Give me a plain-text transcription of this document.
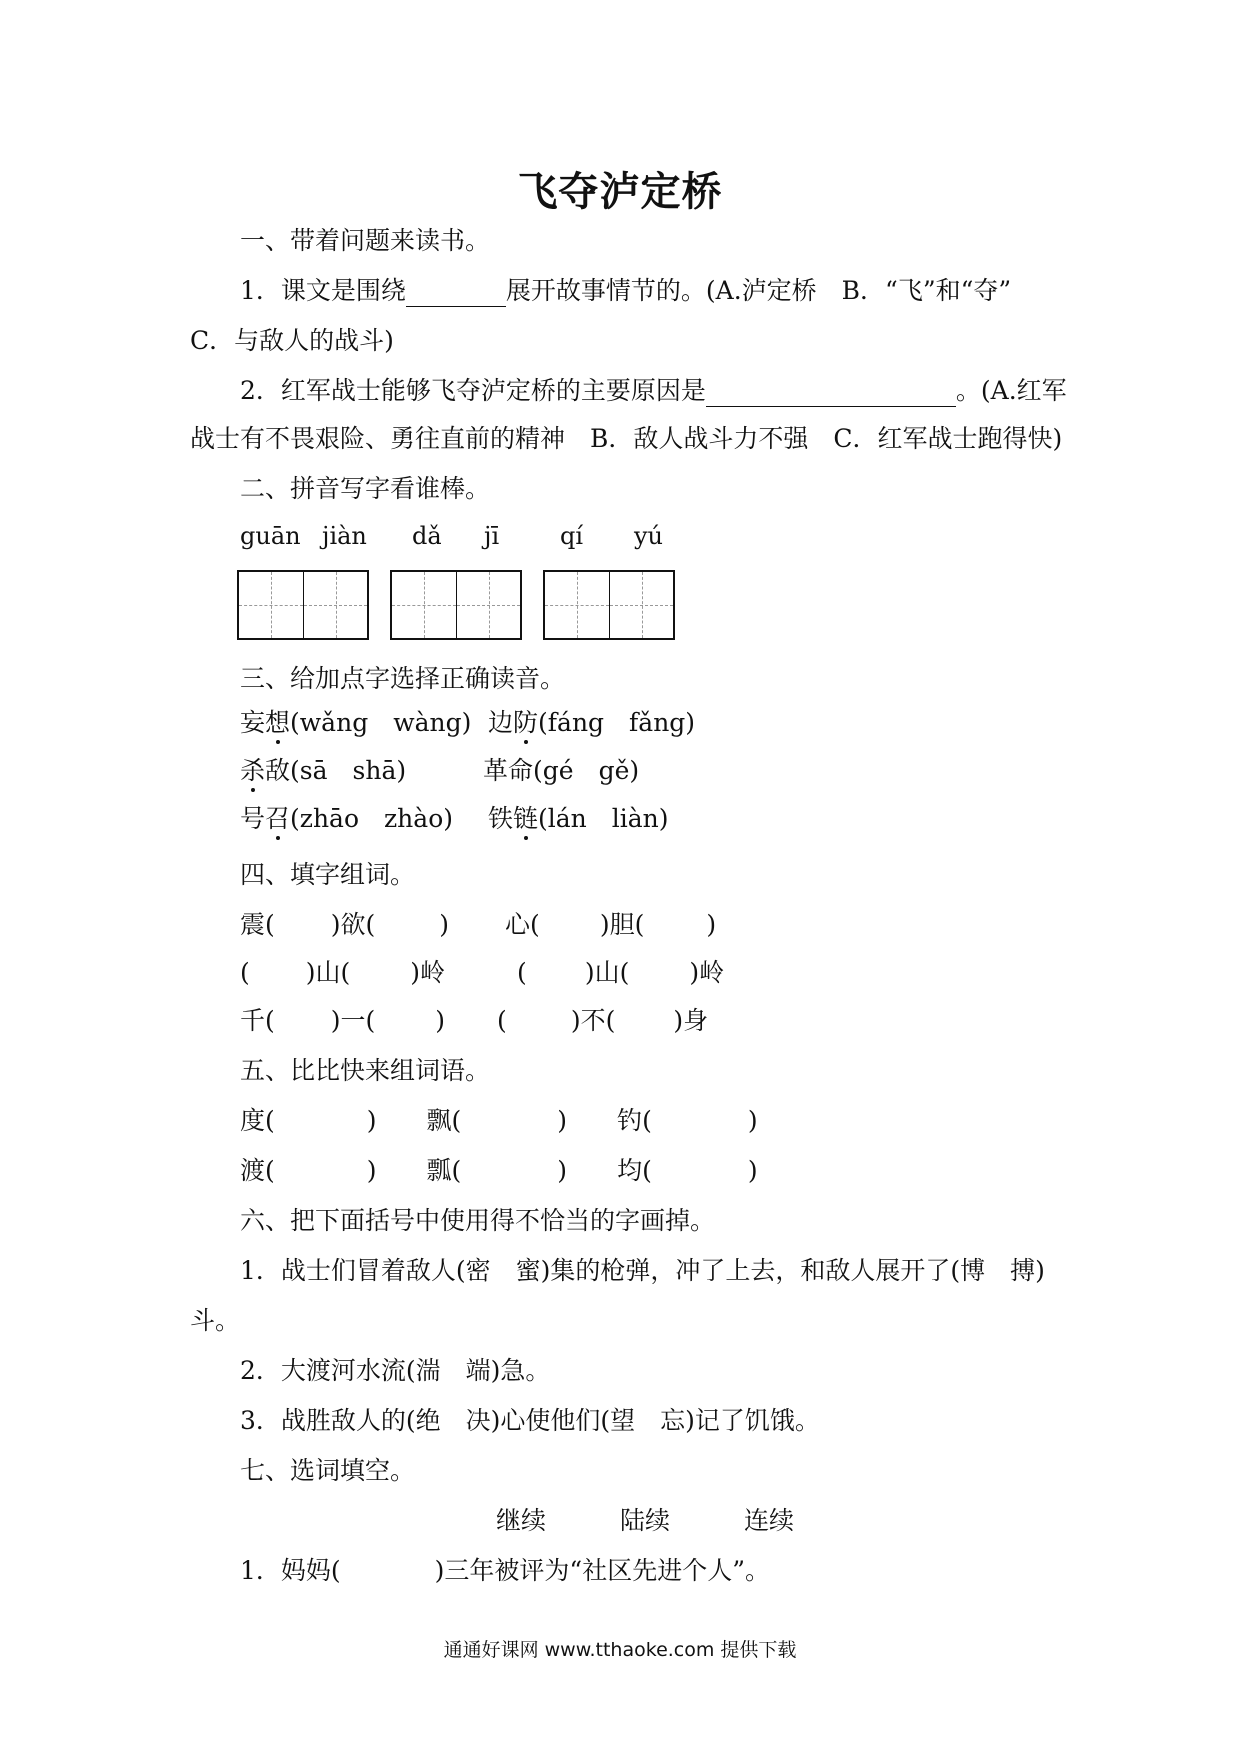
飞夺泸定桥
一、带着问题来读书。
1．课文是围绕	展开故事情节的。(A.泸定桥　B．“飞”和“夺”
C．与敌人的战斗)
2．红军战士能够飞夺泸定桥的主要原因是	。(A.红军
战士有不畏艰险、勇往直前的精神　B．敌人战斗力不强　C．红军战士跑得快)
二、拼音写字看谁棒。
guān jiàn dǎ jī	qí yú
三、给加点字选择正确读音。
妄想(wǎng　wàng) 边防(fáng　fǎng)
杀敌(sā　shā)	革命(gé　gě)
号召(zhāo　zhào) 铁链(lán　liàn)
四、填字组词。
震( )欲(	) 心( )胆( )
( )山( )岭	( )山( )岭
千( )一( ) (	)不( )身
五、比比快来组词语。
度(	) 飘(	) 钓(	)
渡(	) 瓢(	) 均(	)
六、把下面括号中使用得不恰当的字画掉。
1．战士们冒着敌人(密　蜜)集的枪弹，冲了上去，和敌人展开了(博　搏)
斗。
2．大渡河水流(湍　端)急。
3．战胜敌人的(绝　决)心使他们(望　忘)记了饥饿。
七、选词填空。
继续	陆续	连续
1．妈妈(	)三年被评为“社区先进个人”。
通通好课网 www.tthaoke.com 提供下载
